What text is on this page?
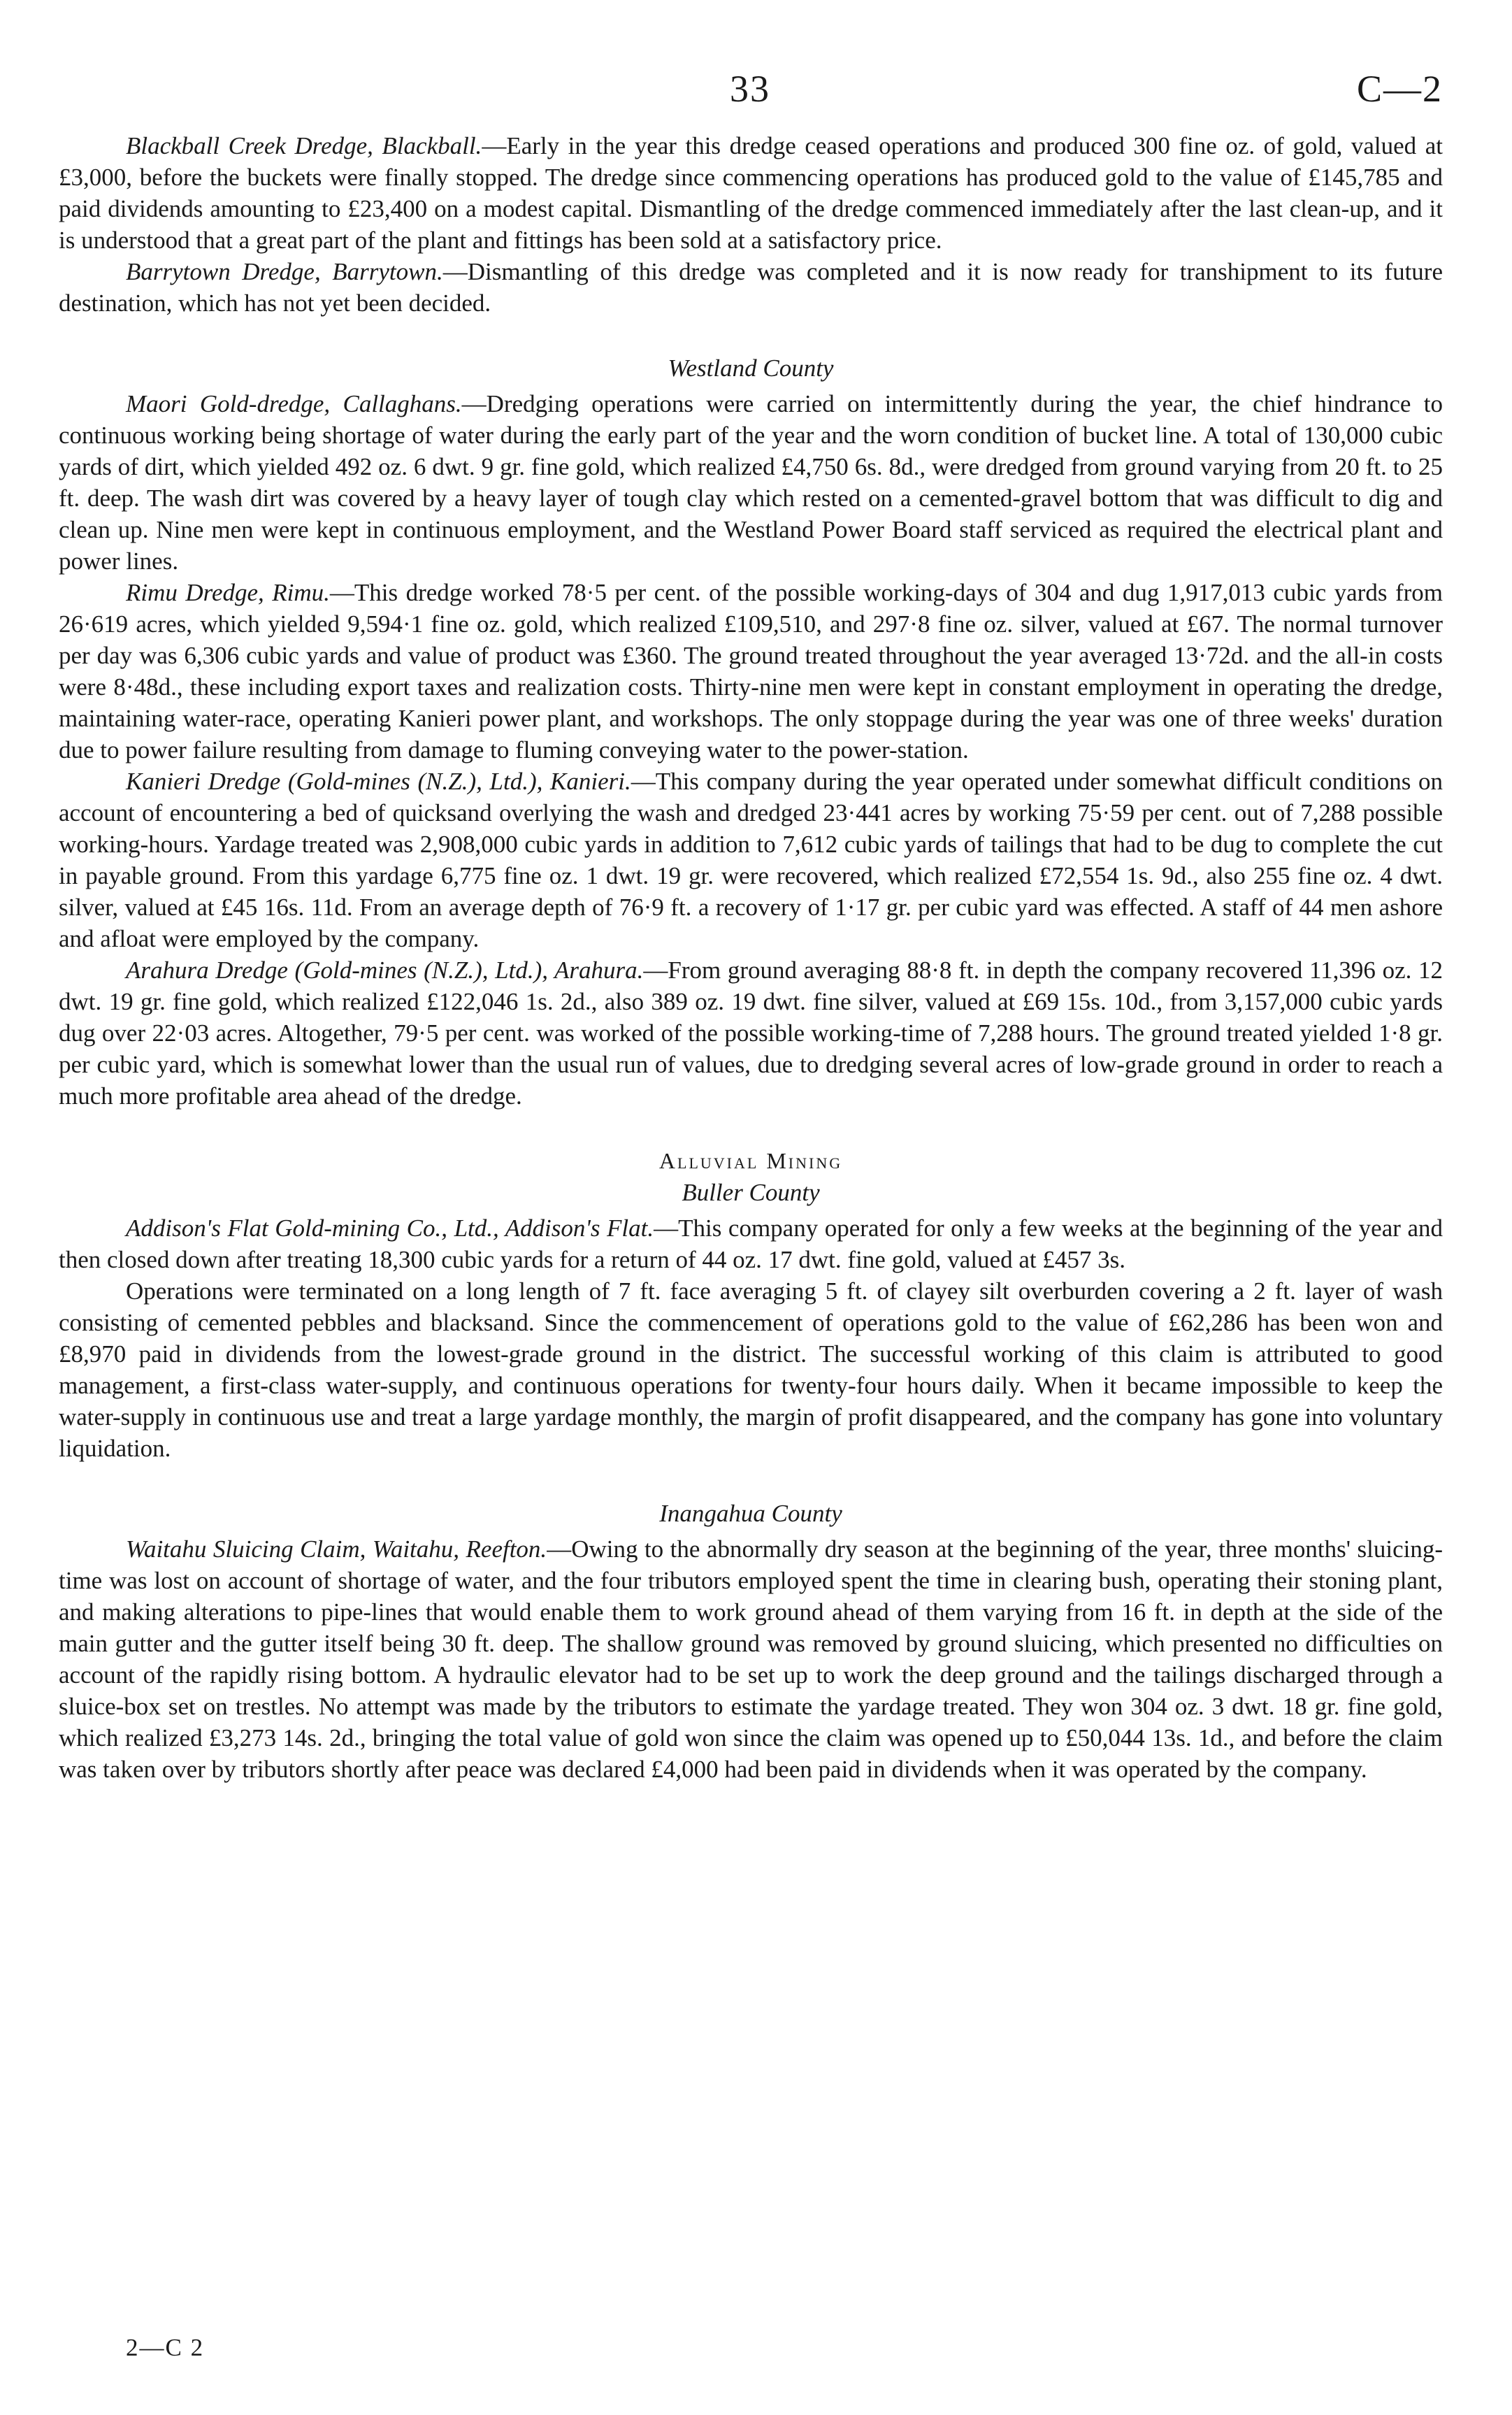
33	C—2

Blackball Creek Dredge, Blackball.—Early in the year this dredge ceased operations and produced 300 fine oz. of gold, valued at £3,000, before the buckets were finally stopped. The dredge since commencing operations has produced gold to the value of £145,785 and paid dividends amounting to £23,400 on a modest capital. Dismantling of the dredge commenced immediately after the last clean-up, and it is understood that a great part of the plant and fittings has been sold at a satisfactory price.

Barrytown Dredge, Barrytown.—Dismantling of this dredge was completed and it is now ready for transhipment to its future destination, which has not yet been decided.

Westland County

Maori Gold-dredge, Callaghans.—Dredging operations were carried on intermittently during the year, the chief hindrance to continuous working being shortage of water during the early part of the year and the worn condition of bucket line. A total of 130,000 cubic yards of dirt, which yielded 492 oz. 6 dwt. 9 gr. fine gold, which realized £4,750 6s. 8d., were dredged from ground varying from 20 ft. to 25 ft. deep. The wash dirt was covered by a heavy layer of tough clay which rested on a cemented-gravel bottom that was difficult to dig and clean up. Nine men were kept in continuous employment, and the Westland Power Board staff serviced as required the electrical plant and power lines.

Rimu Dredge, Rimu.—This dredge worked 78·5 per cent. of the possible working-days of 304 and dug 1,917,013 cubic yards from 26·619 acres, which yielded 9,594·1 fine oz. gold, which realized £109,510, and 297·8 fine oz. silver, valued at £67. The normal turnover per day was 6,306 cubic yards and value of product was £360. The ground treated throughout the year averaged 13·72d. and the all-in costs were 8·48d., these including export taxes and realization costs. Thirty-nine men were kept in constant employment in operating the dredge, maintaining water-race, operating Kanieri power plant, and workshops. The only stoppage during the year was one of three weeks' duration due to power failure resulting from damage to fluming conveying water to the power-station.

Kanieri Dredge (Gold-mines (N.Z.), Ltd.), Kanieri.—This company during the year operated under somewhat difficult conditions on account of encountering a bed of quicksand overlying the wash and dredged 23·441 acres by working 75·59 per cent. out of 7,288 possible working-hours. Yardage treated was 2,908,000 cubic yards in addition to 7,612 cubic yards of tailings that had to be dug to complete the cut in payable ground. From this yardage 6,775 fine oz. 1 dwt. 19 gr. were recovered, which realized £72,554 1s. 9d., also 255 fine oz. 4 dwt. silver, valued at £45 16s. 11d. From an average depth of 76·9 ft. a recovery of 1·17 gr. per cubic yard was effected. A staff of 44 men ashore and afloat were employed by the company.

Arahura Dredge (Gold-mines (N.Z.), Ltd.), Arahura.—From ground averaging 88·8 ft. in depth the company recovered 11,396 oz. 12 dwt. 19 gr. fine gold, which realized £122,046 1s. 2d., also 389 oz. 19 dwt. fine silver, valued at £69 15s. 10d., from 3,157,000 cubic yards dug over 22·03 acres. Altogether, 79·5 per cent. was worked of the possible working-time of 7,288 hours. The ground treated yielded 1·8 gr. per cubic yard, which is somewhat lower than the usual run of values, due to dredging several acres of low-grade ground in order to reach a much more profitable area ahead of the dredge.

Alluvial Mining

Buller County

Addison's Flat Gold-mining Co., Ltd., Addison's Flat.—This company operated for only a few weeks at the beginning of the year and then closed down after treating 18,300 cubic yards for a return of 44 oz. 17 dwt. fine gold, valued at £457 3s.

Operations were terminated on a long length of 7 ft. face averaging 5 ft. of clayey silt overburden covering a 2 ft. layer of wash consisting of cemented pebbles and blacksand. Since the commencement of operations gold to the value of £62,286 has been won and £8,970 paid in dividends from the lowest-grade ground in the district. The successful working of this claim is attributed to good management, a first-class water-supply, and continuous operations for twenty-four hours daily. When it became impossible to keep the water-supply in continuous use and treat a large yardage monthly, the margin of profit disappeared, and the company has gone into voluntary liquidation.

Inangahua County

Waitahu Sluicing Claim, Waitahu, Reefton.—Owing to the abnormally dry season at the beginning of the year, three months' sluicing-time was lost on account of shortage of water, and the four tributors employed spent the time in clearing bush, operating their stoning plant, and making alterations to pipe-lines that would enable them to work ground ahead of them varying from 16 ft. in depth at the side of the main gutter and the gutter itself being 30 ft. deep. The shallow ground was removed by ground sluicing, which presented no difficulties on account of the rapidly rising bottom. A hydraulic elevator had to be set up to work the deep ground and the tailings discharged through a sluice-box set on trestles. No attempt was made by the tributors to estimate the yardage treated. They won 304 oz. 3 dwt. 18 gr. fine gold, which realized £3,273 14s. 2d., bringing the total value of gold won since the claim was opened up to £50,044 13s. 1d., and before the claim was taken over by tributors shortly after peace was declared £4,000 had been paid in dividends when it was operated by the company.

2—C 2
